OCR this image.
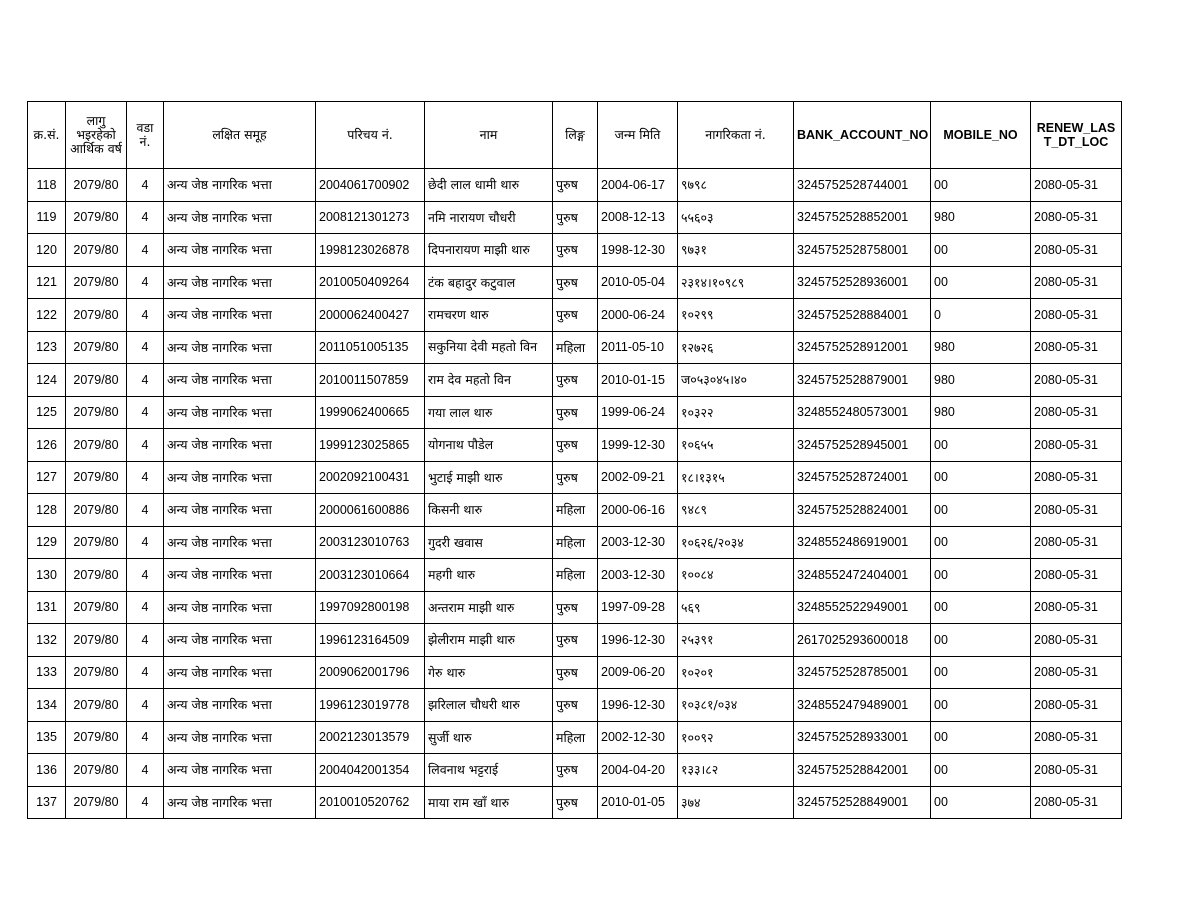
क्र.सं.	लागु भइरहेको आर्थिक वर्ष	वडा नं.	लक्षित समूह	परिचय नं.	नाम	लिङ्ग	जन्म मिति	नागरिकता नं.	BANK_ACCOUNT_NO	MOBILE_NO	RENEW_LAST_DT_LOC
118	2079/80	4	अन्य जेष्ठ नागरिक भत्ता	2004061700902	छेदी लाल धामी थारु	पुरुष	2004-06-17	९७९८	3245752528744001	00	2080-05-31
119	2079/80	4	अन्य जेष्ठ नागरिक भत्ता	2008121301273	नमि नारायण चौधरी	पुरुष	2008-12-13	५५६०३	3245752528852001	980	2080-05-31
120	2079/80	4	अन्य जेष्ठ नागरिक भत्ता	1998123026878	दिपनारायण माझी थारु	पुरुष	1998-12-30	९७३१	3245752528758001	00	2080-05-31
121	2079/80	4	अन्य जेष्ठ नागरिक भत्ता	2010050409264	टंक बहादुर कटुवाल	पुरुष	2010-05-04	२३१४।१०९८९	3245752528936001	00	2080-05-31
122	2079/80	4	अन्य जेष्ठ नागरिक भत्ता	2000062400427	रामचरण थारु	पुरुष	2000-06-24	१०२९९	3245752528884001	0	2080-05-31
123	2079/80	4	अन्य जेष्ठ नागरिक भत्ता	2011051005135	सकुनिया देवी महतो विन	महिला	2011-05-10	१२७२६	3245752528912001	980	2080-05-31
124	2079/80	4	अन्य जेष्ठ नागरिक भत्ता	2010011507859	राम देव महतो विन	पुरुष	2010-01-15	ज०५३०४५।४०	3245752528879001	980	2080-05-31
125	2079/80	4	अन्य जेष्ठ नागरिक भत्ता	1999062400665	गया लाल थारु	पुरुष	1999-06-24	१०३२२	3248552480573001	980	2080-05-31
126	2079/80	4	अन्य जेष्ठ नागरिक भत्ता	1999123025865	योगनाथ पौडेल	पुरुष	1999-12-30	१०६५५	3245752528945001	00	2080-05-31
127	2079/80	4	अन्य जेष्ठ नागरिक भत्ता	2002092100431	भुटाई माझी थारु	पुरुष	2002-09-21	१८।१३१५	3245752528724001	00	2080-05-31
128	2079/80	4	अन्य जेष्ठ नागरिक भत्ता	2000061600886	किसनी थारु	महिला	2000-06-16	९४८९	3245752528824001	00	2080-05-31
129	2079/80	4	अन्य जेष्ठ नागरिक भत्ता	2003123010763	गुदरी खवास	महिला	2003-12-30	१०६२६/२०३४	3248552486919001	00	2080-05-31
130	2079/80	4	अन्य जेष्ठ नागरिक भत्ता	2003123010664	महगी थारु	महिला	2003-12-30	१००८४	3248552472404001	00	2080-05-31
131	2079/80	4	अन्य जेष्ठ नागरिक भत्ता	1997092800198	अन्तराम माझी थारु	पुरुष	1997-09-28	५६९	3248552522949001	00	2080-05-31
132	2079/80	4	अन्य जेष्ठ नागरिक भत्ता	1996123164509	झेलीराम माझी थारु	पुरुष	1996-12-30	२५३९१	2617025293600018	00	2080-05-31
133	2079/80	4	अन्य जेष्ठ नागरिक भत्ता	2009062001796	गेरु थारु	पुरुष	2009-06-20	१०२०१	3245752528785001	00	2080-05-31
134	2079/80	4	अन्य जेष्ठ नागरिक भत्ता	1996123019778	झरिलाल चौधरी थारु	पुरुष	1996-12-30	१०३८१/०३४	3248552479489001	00	2080-05-31
135	2079/80	4	अन्य जेष्ठ नागरिक भत्ता	2002123013579	सुर्जी थारु	महिला	2002-12-30	१००९२	3245752528933001	00	2080-05-31
136	2079/80	4	अन्य जेष्ठ नागरिक भत्ता	2004042001354	लिवनाथ भट्टराई	पुरुष	2004-04-20	१३३।८२	3245752528842001	00	2080-05-31
137	2079/80	4	अन्य जेष्ठ नागरिक भत्ता	2010010520762	माया राम खाँ थारु	पुरुष	2010-01-05	३७४	3245752528849001	00	2080-05-31
